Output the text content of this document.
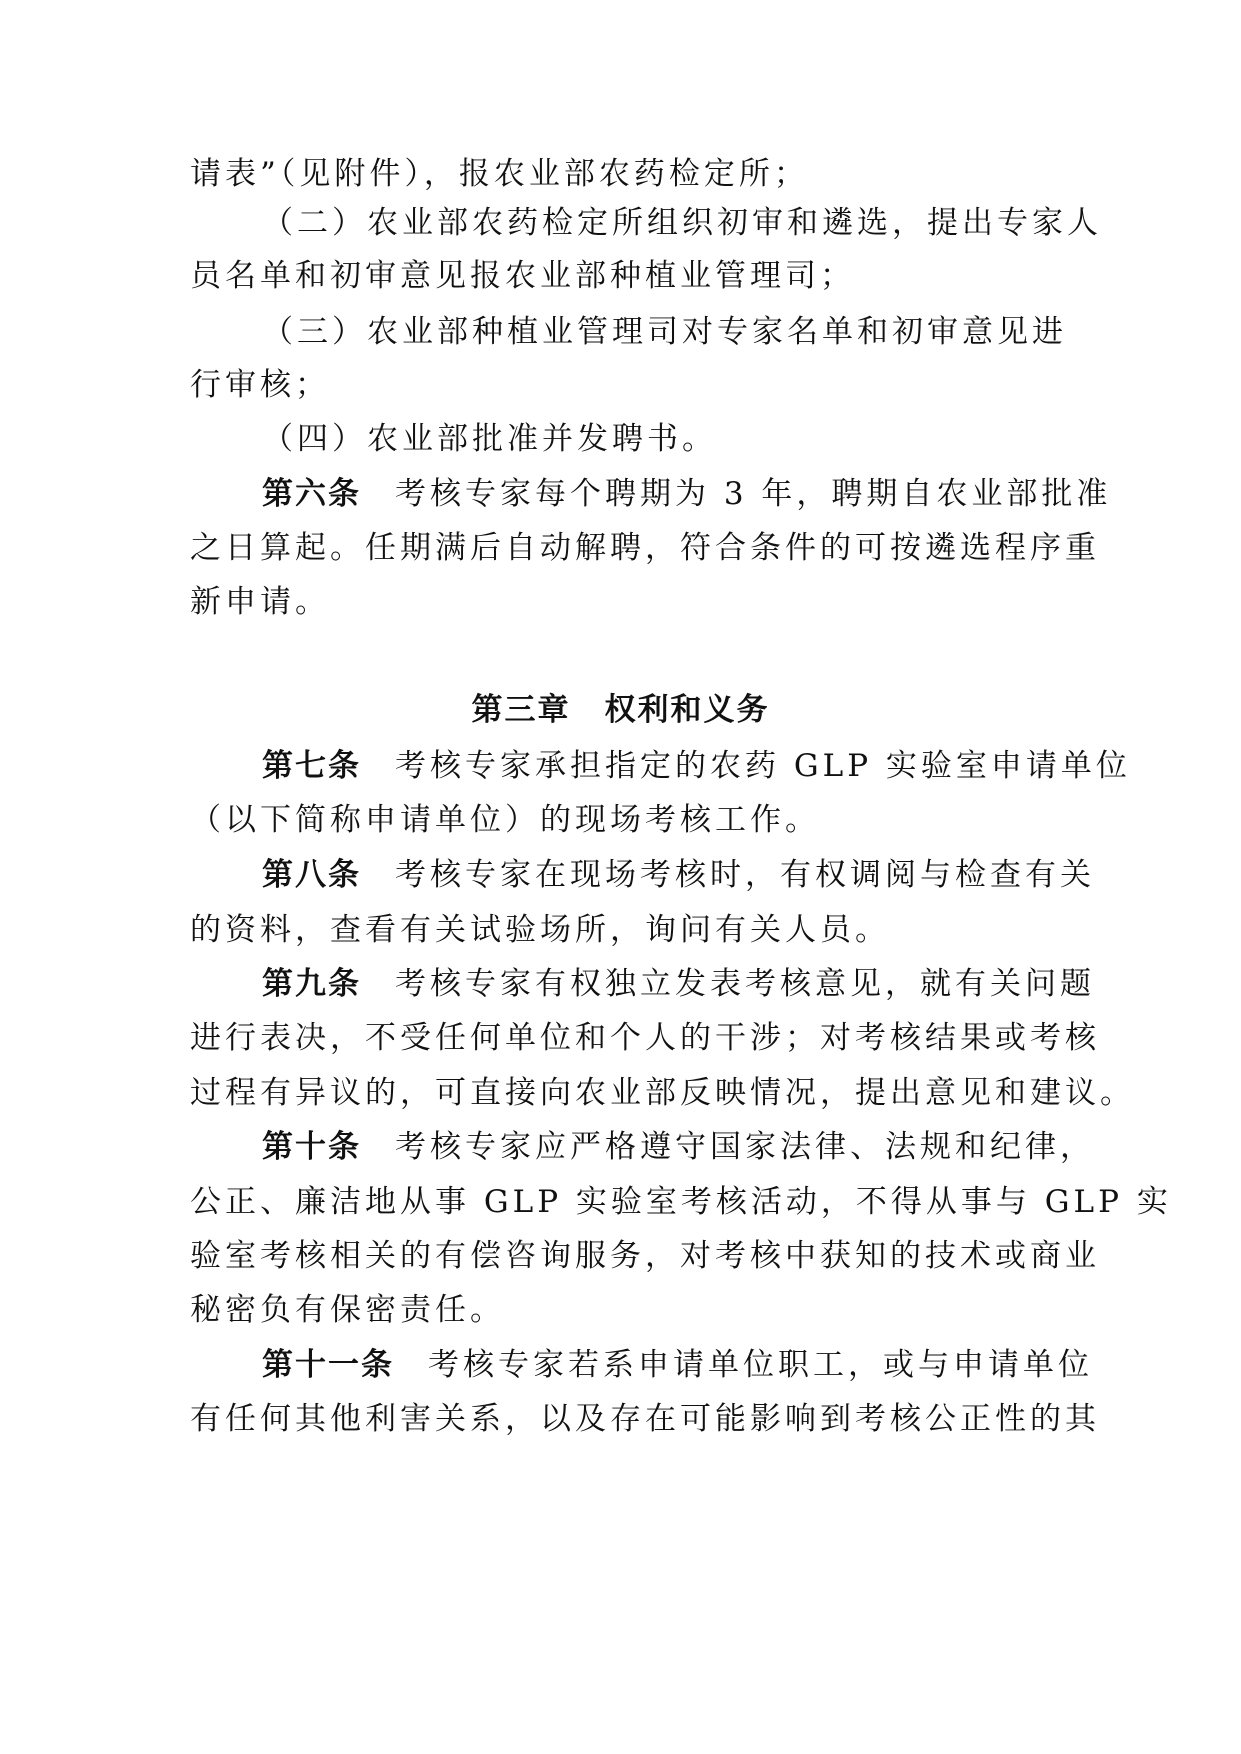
请表”（见附件），报农业部农药检定所；
（二）农业部农药检定所组织初审和遴选，提出专家人
员名单和初审意见报农业部种植业管理司；
（三）农业部种植业管理司对专家名单和初审意见进
行审核；
（四）农业部批准并发聘书。
第六条 考核专家每个聘期为 3 年，聘期自农业部批准
之日算起。任期满后自动解聘，符合条件的可按遴选程序重
新申请。
第三章 权利和义务
第七条 考核专家承担指定的农药 GLP 实验室申请单位
（以下简称申请单位）的现场考核工作。
第八条 考核专家在现场考核时，有权调阅与检查有关
的资料，查看有关试验场所，询问有关人员。
第九条 考核专家有权独立发表考核意见，就有关问题
进行表决，不受任何单位和个人的干涉；对考核结果或考核
过程有异议的，可直接向农业部反映情况，提出意见和建议。
第十条 考核专家应严格遵守国家法律、法规和纪律，
公正、廉洁地从事 GLP 实验室考核活动，不得从事与 GLP 实
验室考核相关的有偿咨询服务，对考核中获知的技术或商业
秘密负有保密责任。
第十一条 考核专家若系申请单位职工，或与申请单位
有任何其他利害关系，以及存在可能影响到考核公正性的其
